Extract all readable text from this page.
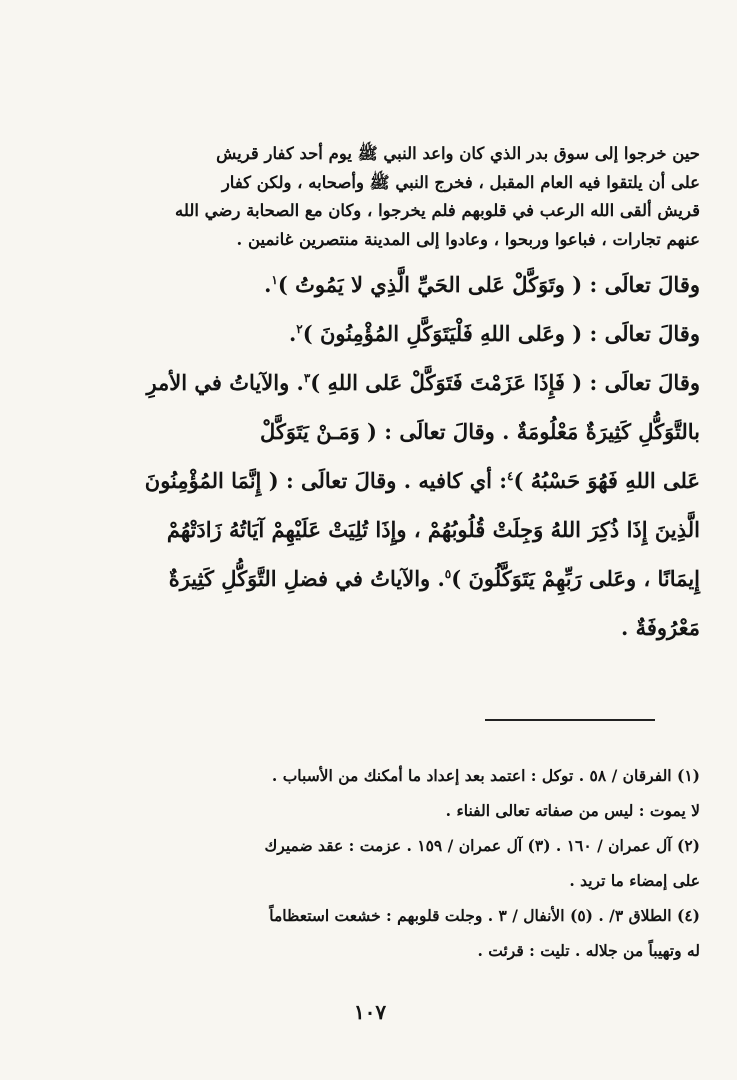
حين خرجوا إلى سوق بدر الذي كان واعد النبي ﷺ يوم أحد كفار قريش
على أن يلتقوا فيه العام المقبل ، فخرج النبي ﷺ وأصحابه ، ولكن كفار
قريش ألقى الله الرعب في قلوبهم فلم يخرجوا ، وكان مع الصحابة رضي الله
عنهم تجارات ، فباعوا وربحوا ، وعادوا إلى المدينة منتصرين غانمين .
وقالَ تعالَى : ( وتَوَكَّلْ عَلى الحَيِّ الَّذِي لا يَمُوتُ )$^١$.
وقالَ تعالَى : ( وعَلى اللهِ فَلْيَتَوَكَّلِ المُؤْمِنُونَ )$^٢$.
وقالَ تعالَى : ( فَإِذَا عَزَمْتَ فَتَوَكَّلْ عَلى اللهِ )$^٣$. والآياتُ في الأمرِ
بالتَّوَكُّلِ كَثِيرَةٌ مَعْلُومَةٌ . وقالَ تعالَى : ( وَمَـنْ يَتَوَكَّلْ
عَلى اللهِ فَهُوَ حَسْبُهُ )$^٤$: أي كافيه . وقالَ تعالَى : ( إِنَّمَا المُؤْمِنُونَ
الَّذِينَ إِذَا ذُكِرَ اللهُ وَجِلَتْ قُلُوبُهُمْ ، وإِذَا تُلِيَتْ عَلَيْهِمْ آيَاتُهُ زَادَتْهُمْ
إِيمَانًا ، وعَلى رَبِّهِمْ يَتَوَكَّلُونَ )$^٥$. والآياتُ في فضلِ التَّوَكُّلِ كَثِيرَةٌ
مَعْرُوفَةٌ .
(١) الفرقان / ٥٨ . توكل : اعتمد بعد إعداد ما أمكنك من الأسباب .
لا يموت : ليس من صفاته تعالى الفناء .
(٢) آل عمران / ١٦٠ . (٣) آل عمران / ١٥٩ . عزمت : عقد ضميرك
على إمضاء ما تريد .
(٤) الطلاق ٣/ . (٥) الأنفال / ٣ . وجلت قلوبهم : خشعت استعظاماً
له وتهيباً من جلاله . تليت : قرئت .
١٠٧
